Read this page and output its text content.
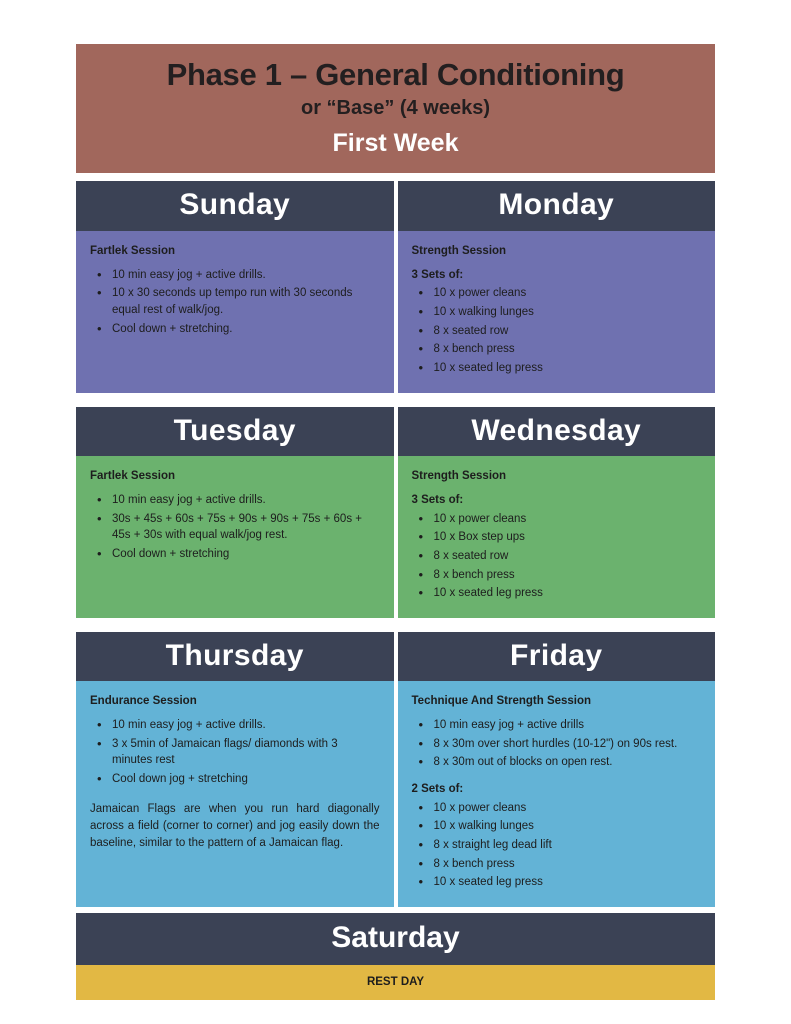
Phase 1 – General Conditioning
or “Base” (4 weeks)
First Week
Sunday
Fartlek Session
• 10 min easy jog + active drills.
• 10 x 30 seconds up tempo run with 30 seconds equal rest of walk/jog.
• Cool down + stretching.
Monday
Strength Session
3 Sets of:
• 10 x power cleans
• 10 x walking lunges
• 8 x seated row
• 8 x bench press
• 10 x seated leg press
Tuesday
Fartlek Session
• 10 min easy jog + active drills.
• 30s + 45s + 60s + 75s + 90s + 90s + 75s + 60s + 45s + 30s with equal walk/jog rest.
• Cool down + stretching
Wednesday
Strength Session
3 Sets of:
• 10 x power cleans
• 10 x Box step ups
• 8 x seated row
• 8 x bench press
• 10 x seated leg press
Thursday
Endurance Session
• 10 min easy jog + active drills.
• 3 x 5min of Jamaican flags/ diamonds with 3 minutes rest
• Cool down jog + stretching
Jamaican Flags are when you run hard diagonally across a field (corner to corner) and jog easily down the baseline, similar to the pattern of a Jamaican flag.
Friday
Technique And Strength Session
• 10 min easy jog + active drills
• 8 x 30m over short hurdles (10-12") on 90s rest.
• 8 x 30m out of blocks on open rest.
2 Sets of:
• 10 x power cleans
• 10 x walking lunges
• 8 x straight leg dead lift
• 8 x bench press
• 10 x seated leg press
Saturday
REST DAY
